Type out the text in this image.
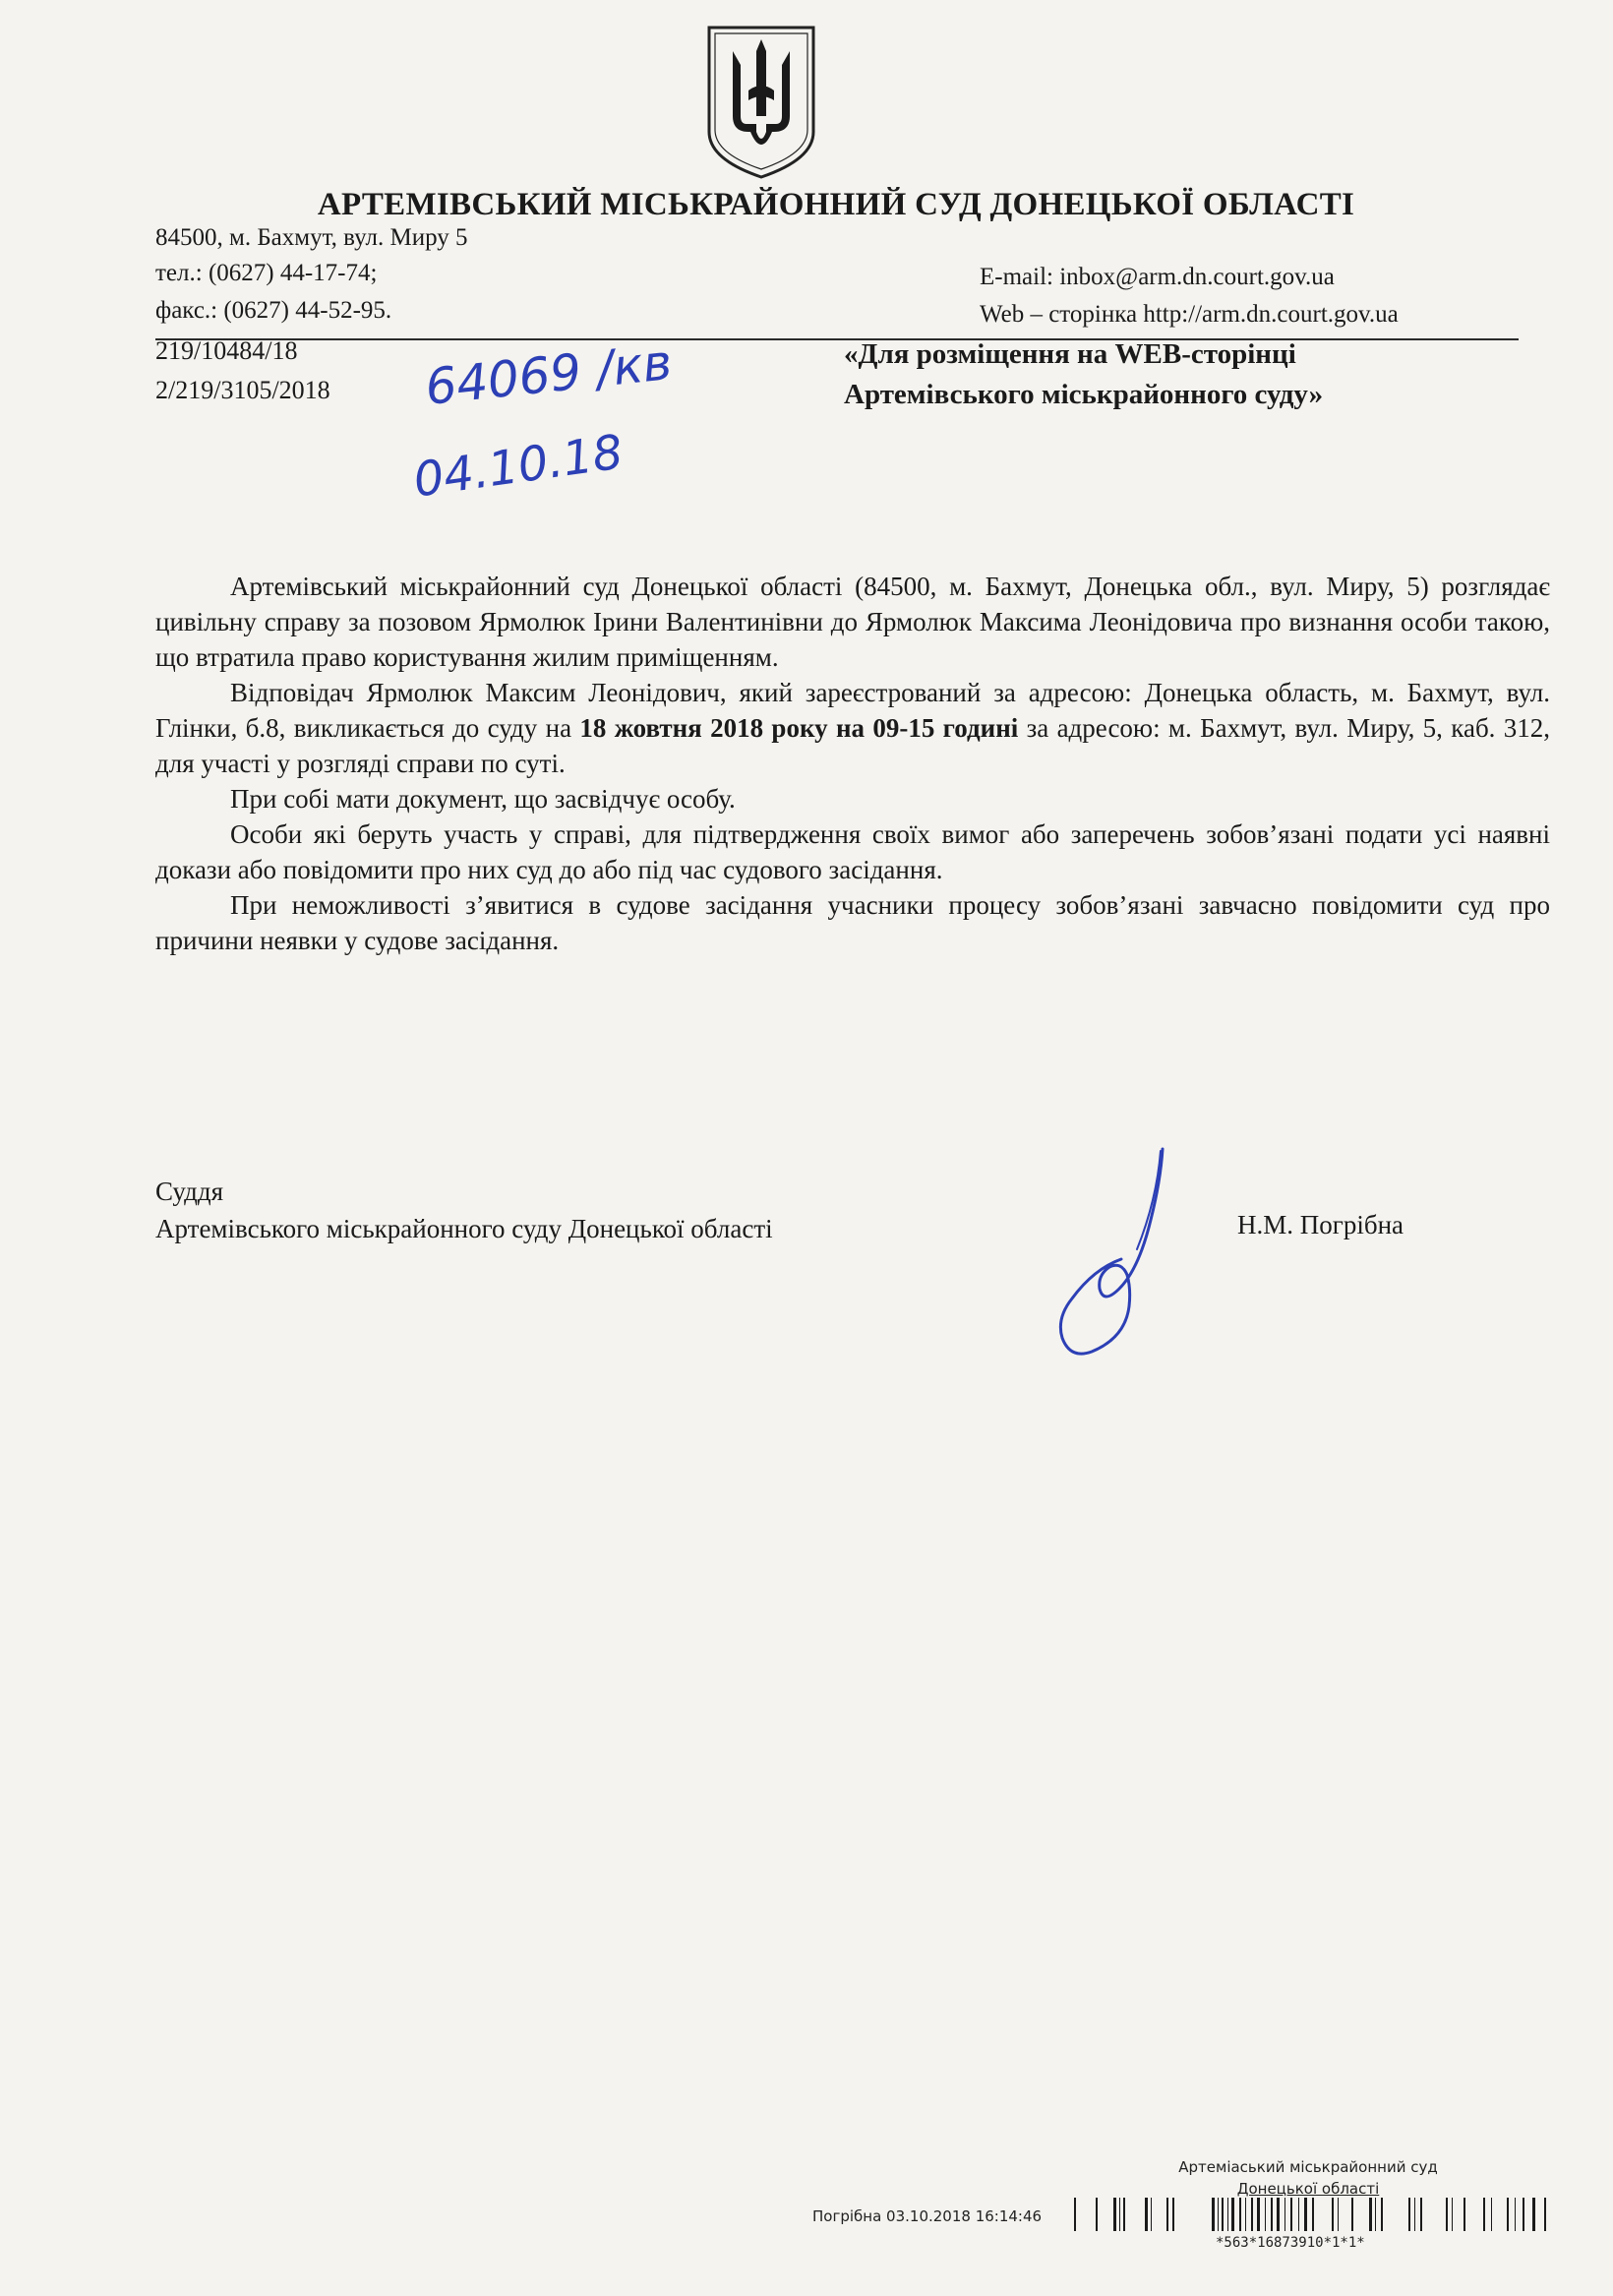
АРТЕМІВСЬКИЙ МІСЬКРАЙОННИЙ СУД ДОНЕЦЬКОЇ ОБЛАСТІ
84500, м. Бахмут, вул. Миру 5
тел.: (0627) 44-17-74;
факс.: (0627) 44-52-95.
E-mail: inbox@arm.dn.court.gov.ua
Web – сторінка http://arm.dn.court.gov.ua
219/10484/18
2/219/3105/2018 64069 /кв
04.10.18
«Для розміщення на WEB-сторінці
Артемівського міськрайонного суду»

Артемівський міськрайонний суд Донецької області (84500, м. Бахмут, Донецька обл., вул. Миру, 5) розглядає цивільну справу за позовом Ярмолюк Ірини Валентинівни до Ярмолюк Максима Леонідовича про визнання особи такою, що втратила право користування жилим приміщенням.

Відповідач Ярмолюк Максим Леонідович, який зареєстрований за адресою: Донецька область, м. Бахмут, вул. Глінки, б.8, викликається до суду на 18 жовтня 2018 року на 09-15 годині за адресою: м. Бахмут, вул. Миру, 5, каб. 312, для участі у розгляді справи по суті.

При собі мати документ, що засвідчує особу.

Особи які беруть участь у справі, для підтвердження своїх вимог або заперечень зобов’язані подати усі наявні докази або повідомити про них суд до або під час судового засідання.

При неможливості з’явитися в судове засідання учасники процесу зобов’язані завчасно повідомити суд про причини неявки у судове засідання.

Суддя
Артемівського міськрайонного суду Донецької області	Н.М. Погрібна
Артеміаський міськрайонний суд
Донецької області
Погрібна 03.10.2018 16:14:46
*563*16873910*1*1*
